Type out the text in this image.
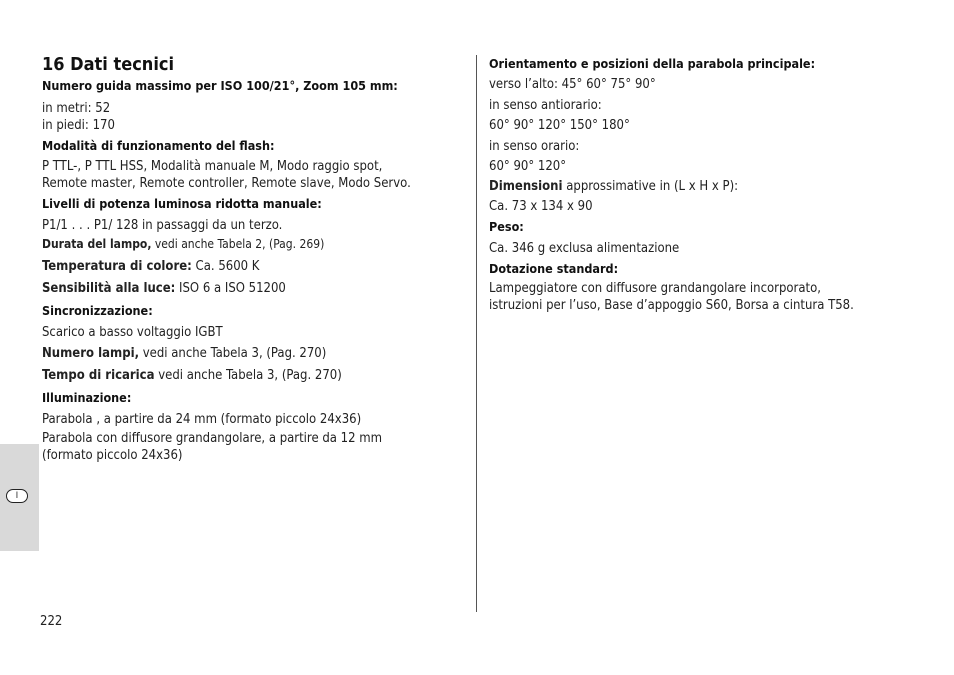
I
16 Dati tecnici

Numero guida massimo per ISO 100/21°, Zoom 105 mm:

in metri: 52

in piedi: 170

Modalità di funzionamento del flash:

P TTL-, P TTL HSS, Modalità manuale M, Modo raggio spot,
Remote master, Remote controller, Remote slave, Modo Servo.

Livelli di potenza luminosa ridotta manuale:

P1/1 . . . P1/ 128 in passaggi da un terzo.

Durata del lampo, vedi anche Tabela 2, (Pag. 269)

Temperatura di colore: Ca. 5600 K

Sensibilità alla luce: ISO 6 a ISO 51200

Sincronizzazione:

Scarico a basso voltaggio IGBT

Numero lampi, vedi anche Tabela 3, (Pag. 270)

Tempo di ricarica vedi anche Tabela 3, (Pag. 270)

Illuminazione:

Parabola , a partire da 24 mm (formato piccolo 24x36)

Parabola con diffusore grandangolare, a partire da 12 mm
(formato piccolo 24x36)

Orientamento e posizioni della parabola principale:

verso l’alto: 45° 60° 75° 90°

in senso antiorario:

60° 90° 120° 150° 180°

in senso orario:

60° 90° 120°

Dimensioni approssimative in (L x H x P):

Ca. 73 x 134 x 90

Peso:

Ca. 346 g exclusa alimentazione

Dotazione standard:

Lampeggiatore con diffusore grandangolare incorporato,
istruzioni per l’uso, Base d’appoggio S60, Borsa a cintura T58.

222
